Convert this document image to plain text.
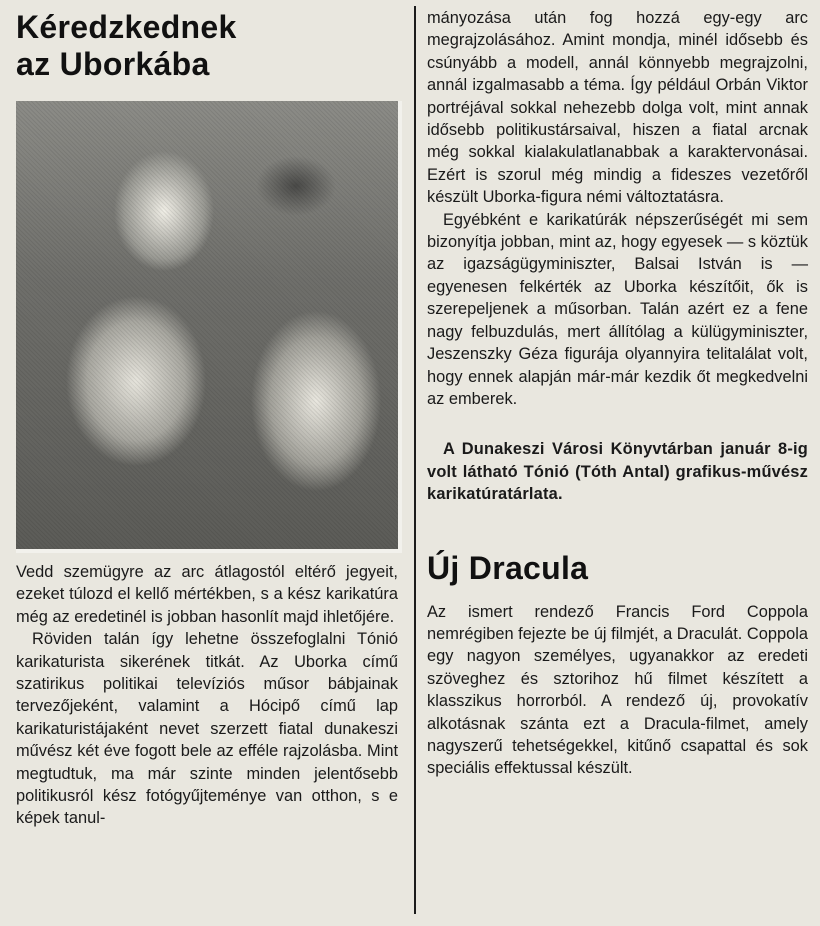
Kéredzkednek
az Uborkába

Vedd szemügyre az arc átlagostól eltérő jegyeit, ezeket túlozd el kellő mértékben, s a kész karikatúra még az eredetinél is jobban hasonlít majd ihletőjére.

Röviden talán így lehetne összefoglalni Tónió karikaturista sikerének titkát. Az Uborka című szatirikus politikai televíziós műsor bábjainak tervezőjeként, valamint a Hócipő című lap karikaturistájaként nevet szerzett fiatal dunakeszi művész két éve fogott bele az efféle rajzolásba. Mint megtudtuk, ma már szinte minden jelentősebb politikusról kész fotógyűjteménye van otthon, s e képek tanul-

mányozása után fog hozzá egy-egy arc megrajzolásához. Amint mondja, minél idősebb és csúnyább a modell, annál könnyebb megrajzolni, annál izgalmasabb a téma. Így például Orbán Viktor portréjával sokkal nehezebb dolga volt, mint annak idősebb politikustársaival, hiszen a fiatal arcnak még sokkal kialakulatlanabbak a karaktervonásai. Ezért is szorul még mindig a fideszes vezetőről készült Uborka-figura némi változtatásra.

Egyébként e karikatúrák népszerűségét mi sem bizonyítja jobban, mint az, hogy egyesek — s köztük az igazságügyminiszter, Balsai István is — egyenesen felkérték az Uborka készítőit, ők is szerepeljenek a műsorban. Talán azért ez a fene nagy felbuzdulás, mert állítólag a külügyminiszter, Jeszenszky Géza figurája olyannyira telitalálat volt, hogy ennek alapján már-már kezdik őt megkedvelni az emberek.

A Dunakeszi Városi Könyvtárban január 8-ig volt látható Tónió (Tóth Antal) grafikus-művész karikatúratárlata.

Új Dracula

Az ismert rendező Francis Ford Coppola nemrégiben fejezte be új filmjét, a Draculát. Coppola egy nagyon személyes, ugyanakkor az eredeti szöveghez és sztorihoz hű filmet készített a klasszikus horrorból. A rendező új, provokatív alkotásnak szánta ezt a Dracula-filmet, amely nagyszerű tehetségekkel, kitűnő csapattal és sok speciális effektussal készült.
